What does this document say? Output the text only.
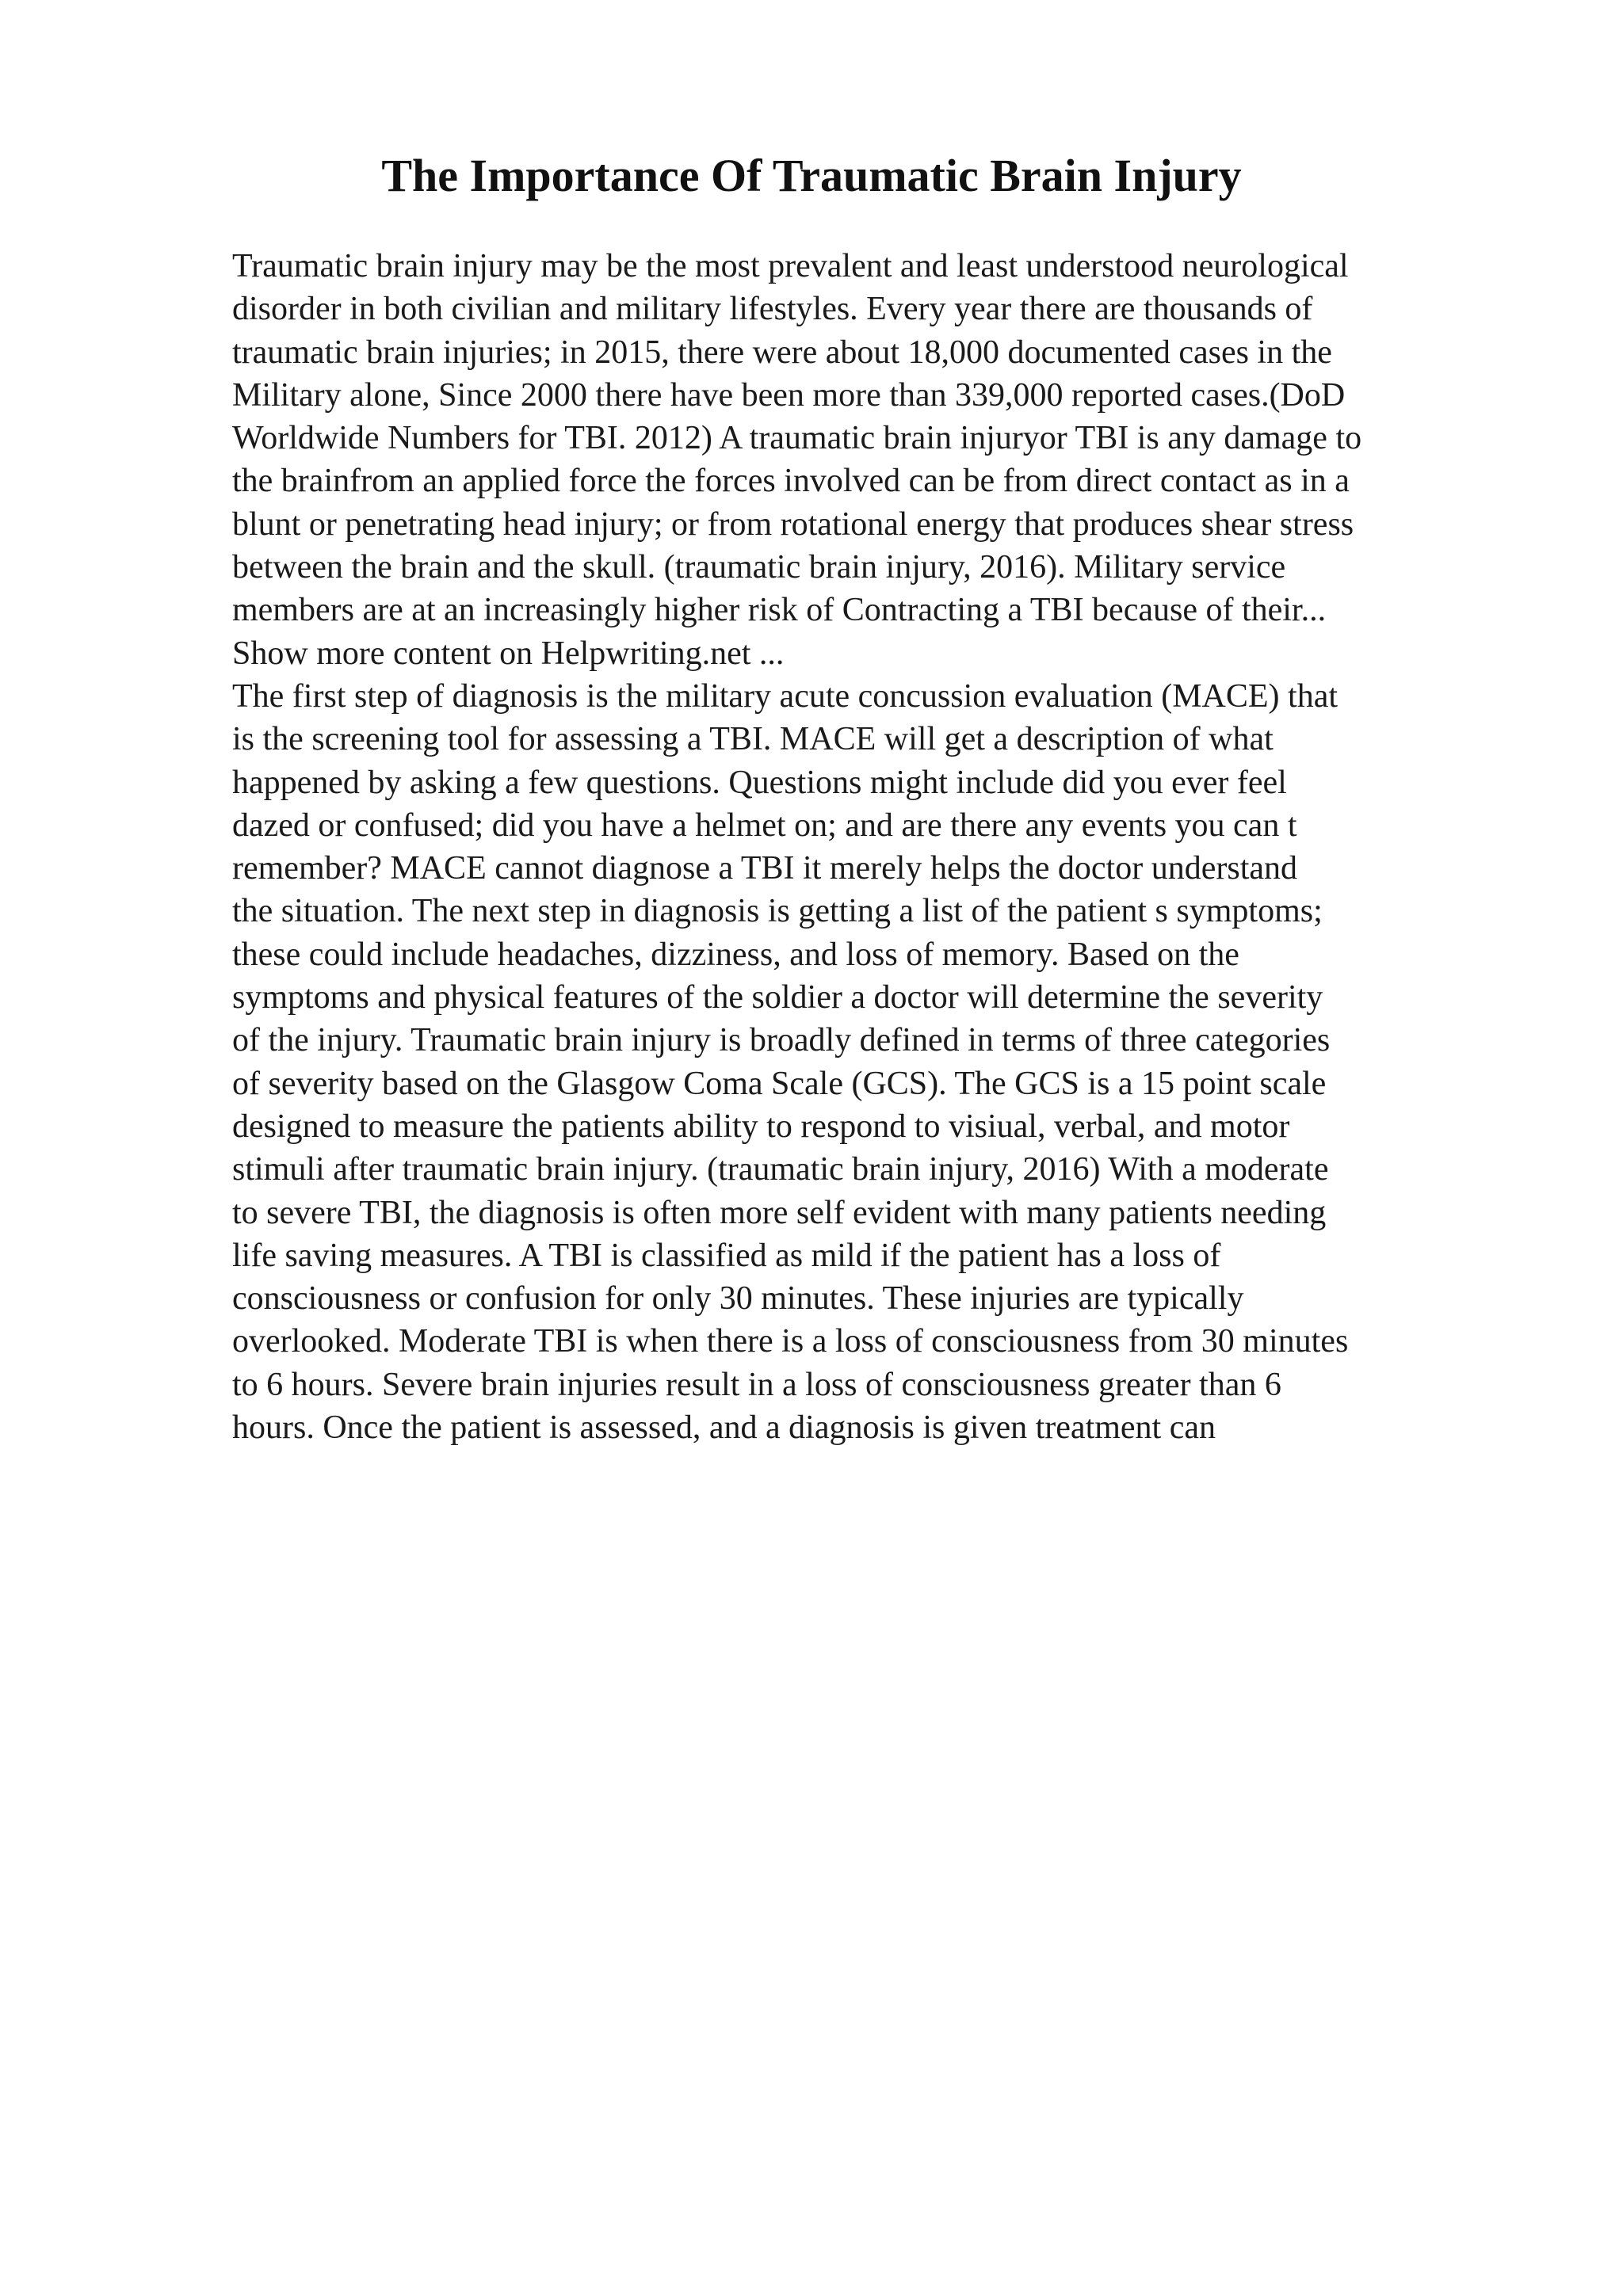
The Importance Of Traumatic Brain Injury
Traumatic brain injury may be the most prevalent and least understood neurological
disorder in both civilian and military lifestyles. Every year there are thousands of
traumatic brain injuries; in 2015, there were about 18,000 documented cases in the
Military alone, Since 2000 there have been more than 339,000 reported cases.(DoD
Worldwide Numbers for TBI. 2012) A traumatic brain injuryor TBI is any damage to
the brainfrom an applied force the forces involved can be from direct contact as in a
blunt or penetrating head injury; or from rotational energy that produces shear stress
between the brain and the skull. (traumatic brain injury, 2016). Military service
members are at an increasingly higher risk of Contracting a TBI because of their...
Show more content on Helpwriting.net ...
The first step of diagnosis is the military acute concussion evaluation (MACE) that
is the screening tool for assessing a TBI. MACE will get a description of what
happened by asking a few questions. Questions might include did you ever feel
dazed or confused; did you have a helmet on; and are there any events you can t
remember? MACE cannot diagnose a TBI it merely helps the doctor understand
the situation. The next step in diagnosis is getting a list of the patient s symptoms;
these could include headaches, dizziness, and loss of memory. Based on the
symptoms and physical features of the soldier a doctor will determine the severity
of the injury. Traumatic brain injury is broadly defined in terms of three categories
of severity based on the Glasgow Coma Scale (GCS). The GCS is a 15 point scale
designed to measure the patients ability to respond to visiual, verbal, and motor
stimuli after traumatic brain injury. (traumatic brain injury, 2016) With a moderate
to severe TBI, the diagnosis is often more self evident with many patients needing
life saving measures. A TBI is classified as mild if the patient has a loss of
consciousness or confusion for only 30 minutes. These injuries are typically
overlooked. Moderate TBI is when there is a loss of consciousness from 30 minutes
to 6 hours. Severe brain injuries result in a loss of consciousness greater than 6
hours. Once the patient is assessed, and a diagnosis is given treatment can
